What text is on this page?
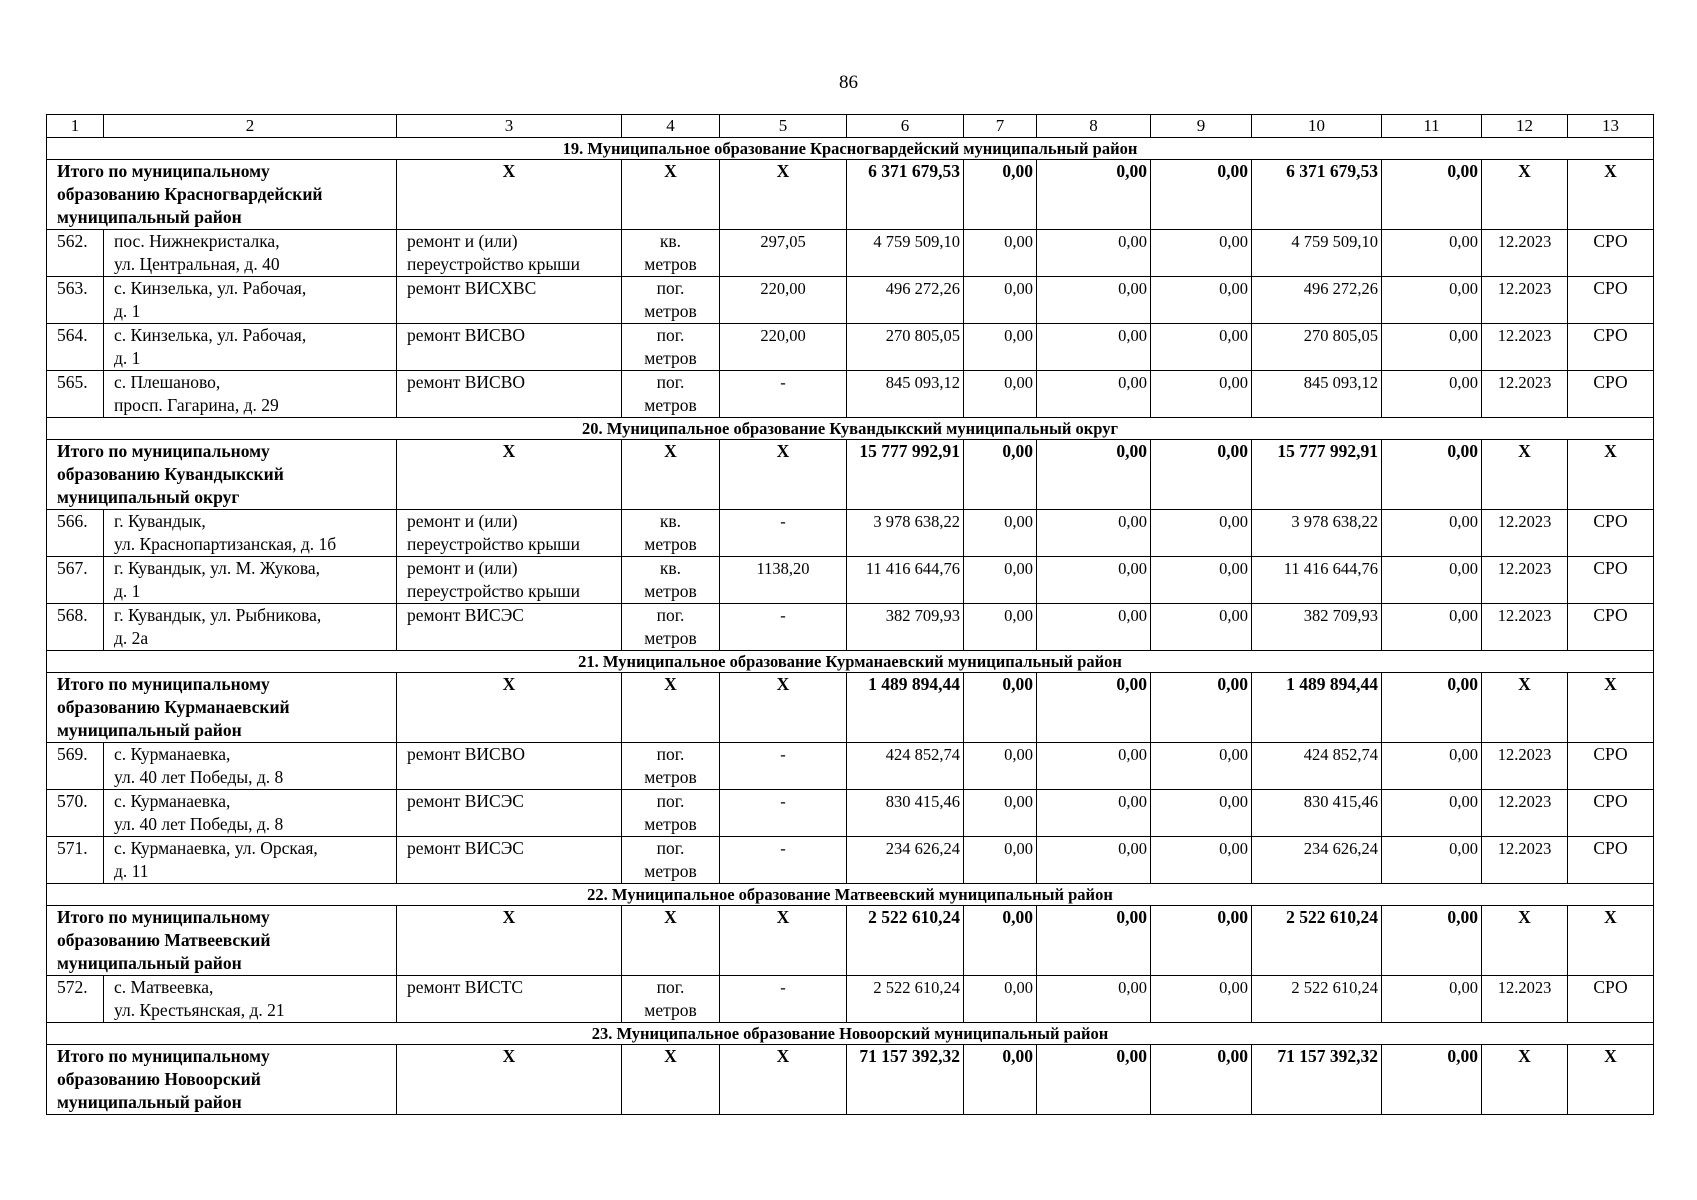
86
1	2	3	4	5	6	7	8	9	10	11	12	13
19. Муниципальное образование Красногвардейский муниципальный район												

Итого по муниципальному
образованию Красногвардейский
муниципальный район		X	X	X	6 371 679,53	0,00	0,00	0,00	6 371 679,53	0,00	X	X
562.	пос. Нижнекристалка,
ул. Центральная, д. 40	ремонт и (или)
переустройство крыши	кв.
метров	297,05	4 759 509,10	0,00	0,00	0,00	4 759 509,10	0,00	12.2023	СРО
563.	с. Кинзелька, ул. Рабочая,
д. 1	ремонт ВИСХВС	пог.
метров	220,00	496 272,26	0,00	0,00	0,00	496 272,26	0,00	12.2023	СРО
564.	с. Кинзелька, ул. Рабочая,
д. 1	ремонт ВИСВО	пог.
метров	220,00	270 805,05	0,00	0,00	0,00	270 805,05	0,00	12.2023	СРО
565.	с. Плешаново,
просп. Гагарина, д. 29	ремонт ВИСВО	пог.
метров	-	845 093,12	0,00	0,00	0,00	845 093,12	0,00	12.2023	СРО
20. Муниципальное образование Кувандыкский муниципальный округ												

Итого по муниципальному
образованию Кувандыкский
муниципальный округ		X	X	X	15 777 992,91	0,00	0,00	0,00	15 777 992,91	0,00	X	X
566.	г. Кувандык,
ул. Краснопартизанская, д. 1б	ремонт и (или)
переустройство крыши	кв.
метров	-	3 978 638,22	0,00	0,00	0,00	3 978 638,22	0,00	12.2023	СРО
567.	г. Кувандык, ул. М. Жукова,
д. 1	ремонт и (или)
переустройство крыши	кв.
метров	1138,20	11 416 644,76	0,00	0,00	0,00	11 416 644,76	0,00	12.2023	СРО
568.	г. Кувандык, ул. Рыбникова,
д. 2а	ремонт ВИСЭС	пог.
метров	-	382 709,93	0,00	0,00	0,00	382 709,93	0,00	12.2023	СРО
21. Муниципальное образование Курманаевский муниципальный район												

Итого по муниципальному
образованию Курманаевский
муниципальный район		X	X	X	1 489 894,44	0,00	0,00	0,00	1 489 894,44	0,00	X	X
569.	с. Курманаевка,
ул. 40 лет Победы, д. 8	ремонт ВИСВО	пог.
метров	-	424 852,74	0,00	0,00	0,00	424 852,74	0,00	12.2023	СРО
570.	с. Курманаевка,
ул. 40 лет Победы, д. 8	ремонт ВИСЭС	пог.
метров	-	830 415,46	0,00	0,00	0,00	830 415,46	0,00	12.2023	СРО
571.	с. Курманаевка, ул. Орская,
д. 11	ремонт ВИСЭС	пог.
метров	-	234 626,24	0,00	0,00	0,00	234 626,24	0,00	12.2023	СРО
22. Муниципальное образование Матвеевский муниципальный район												

Итого по муниципальному
образованию Матвеевский
муниципальный район		X	X	X	2 522 610,24	0,00	0,00	0,00	2 522 610,24	0,00	X	X
572.	с. Матвеевка,
ул. Крестьянская, д. 21	ремонт ВИСТС	пог.
метров	-	2 522 610,24	0,00	0,00	0,00	2 522 610,24	0,00	12.2023	СРО
23. Муниципальное образование Новоорский муниципальный район												

Итого по муниципальному
образованию Новоорский
муниципальный район		X	X	X	71 157 392,32	0,00	0,00	0,00	71 157 392,32	0,00	X	X
